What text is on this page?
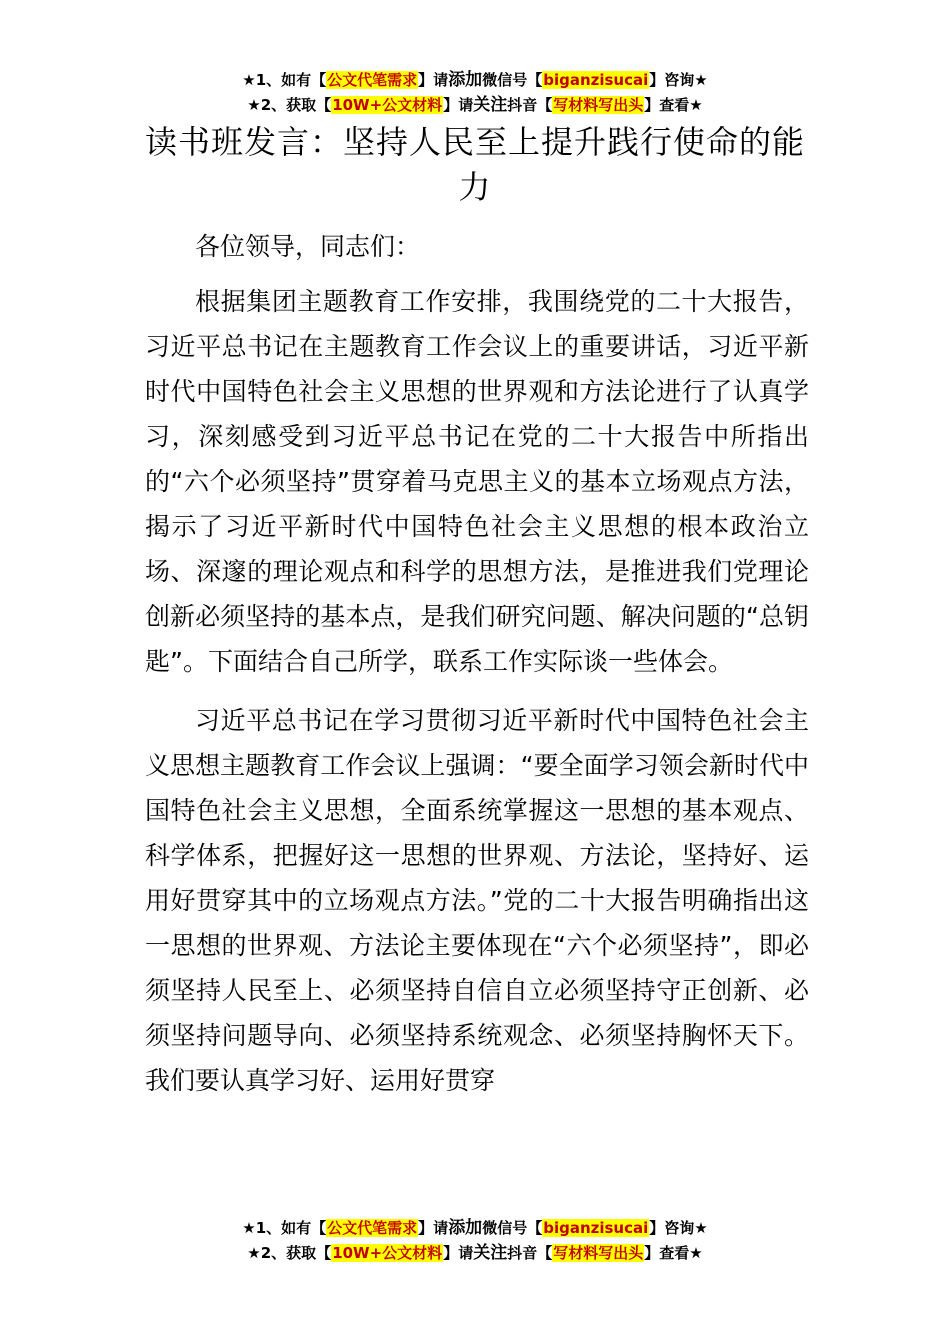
★1、如有【公文代笔需求】请添加微信号【biganzisucai】咨询★
★2、获取【10W+公文材料】请关注抖音【写材料写出头】查看★
读书班发言：坚持人民至上提升践行使命的能力

各位领导，同志们：

根据集团主题教育工作安排，我围绕党的二十大报告，习近平总书记在主题教育工作会议上的重要讲话，习近平新时代中国特色社会主义思想的世界观和方法论进行了认真学习，深刻感受到习近平总书记在党的二十大报告中所指出的“六个必须坚持”贯穿着马克思主义的基本立场观点方法，揭示了习近平新时代中国特色社会主义思想的根本政治立场、深邃的理论观点和科学的思想方法，是推进我们党理论创新必须坚持的基本点，是我们研究问题、解决问题的“总钥匙”。下面结合自己所学，联系工作实际谈一些体会。

习近平总书记在学习贯彻习近平新时代中国特色社会主义思想主题教育工作会议上强调：“要全面学习领会新时代中国特色社会主义思想，全面系统掌握这一思想的基本观点、科学体系，把握好这一思想的世界观、方法论，坚持好、运用好贯穿其中的立场观点方法。”党的二十大报告明确指出这一思想的世界观、方法论主要体现在“六个必须坚持”，即必须坚持人民至上、必须坚持自信自立必须坚持守正创新、必须坚持问题导向、必须坚持系统观念、必须坚持胸怀天下。我们要认真学习好、运用好贯穿

★1、如有【公文代笔需求】请添加微信号【biganzisucai】咨询★
★2、获取【10W+公文材料】请关注抖音【写材料写出头】查看★
